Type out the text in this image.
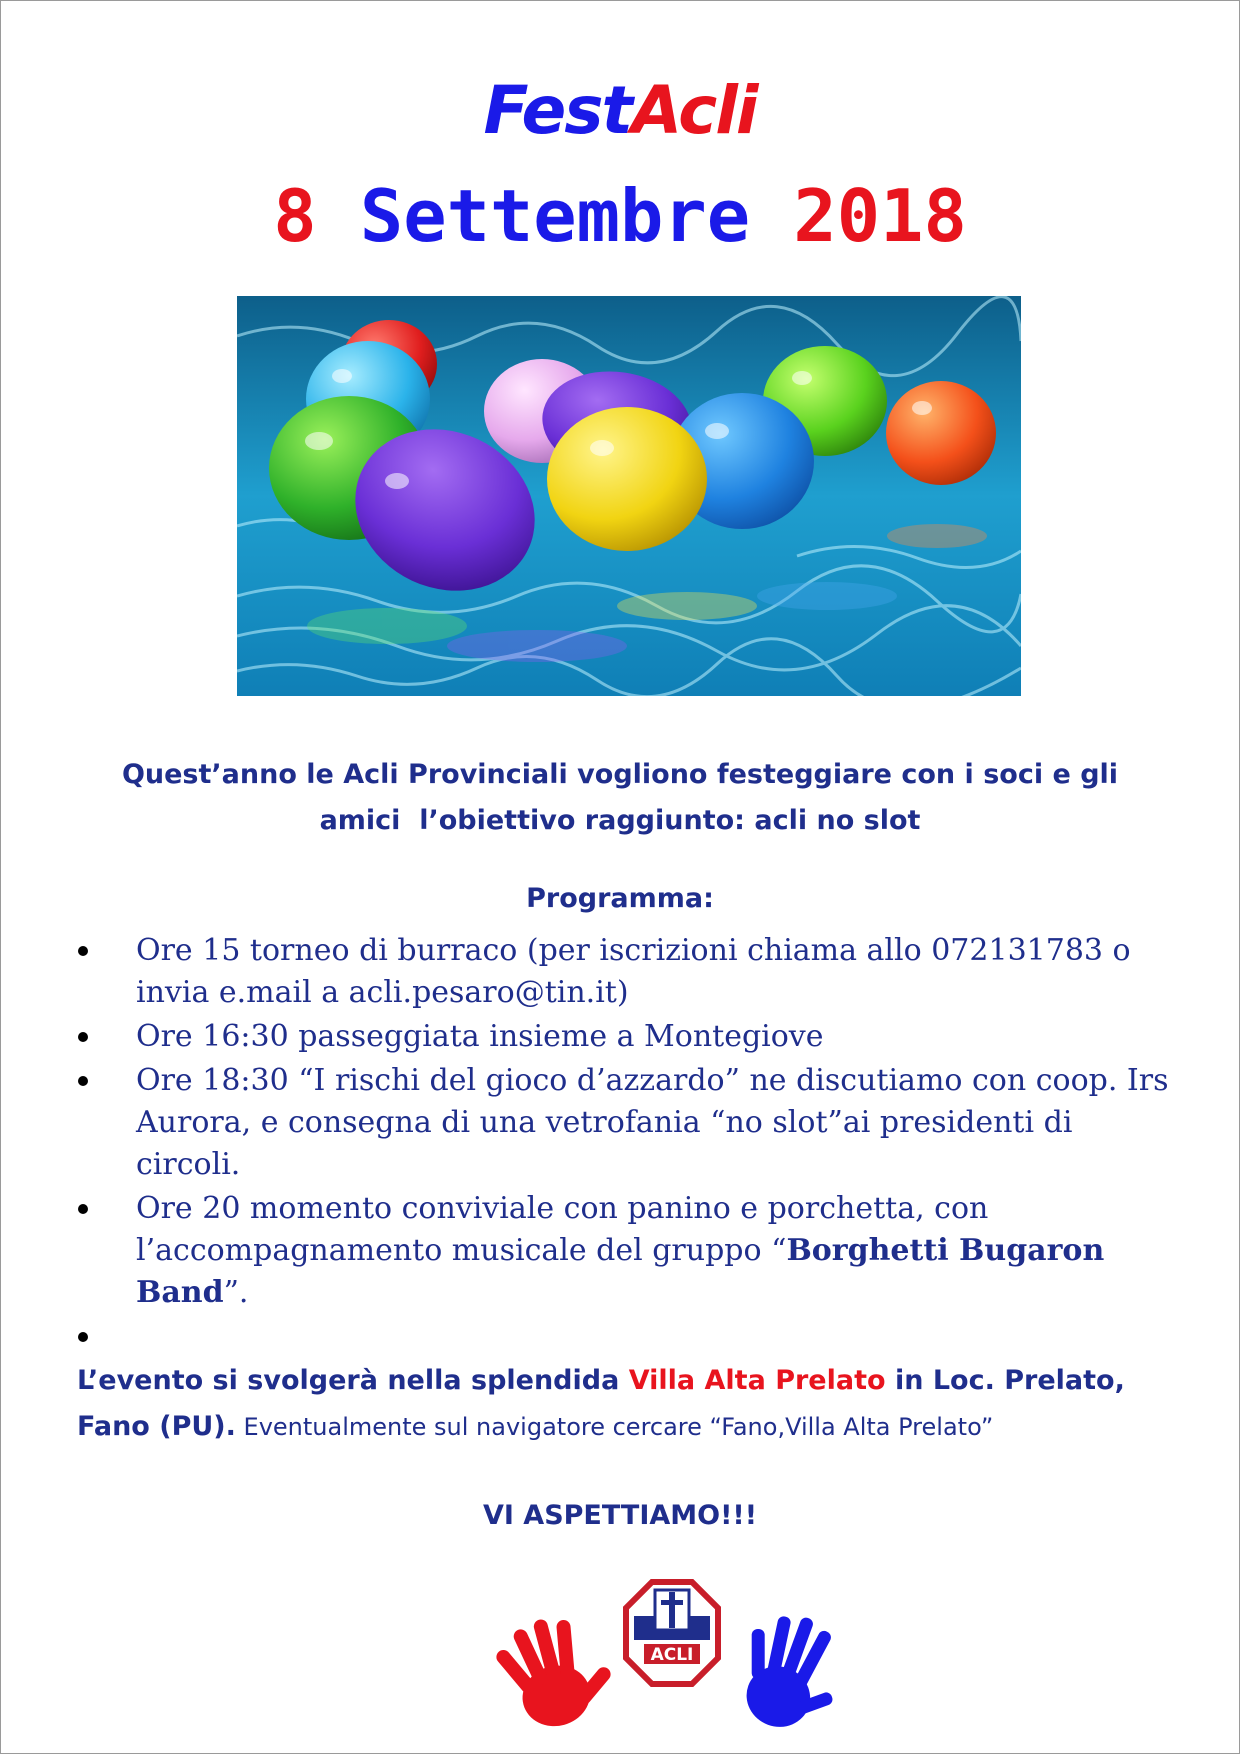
FestAcli
8 Settembre 2018
Quest’anno le Acli Provinciali vogliono festeggiare con i soci e gli
amici  l’obiettivo raggiunto: acli no slot
Programma:
Ore 15 torneo di burraco (per iscrizioni chiama allo 072131783 o invia e.mail a acli.pesaro@tin.it)
Ore 16:30 passeggiata insieme a Montegiove
Ore 18:30 “I rischi del gioco d’azzardo” ne discutiamo con coop. Irs Aurora, e consegna di una vetrofania “no slot”ai presidenti di circoli.
Ore 20 momento conviviale con panino e porchetta, con l’accompagnamento musicale del gruppo “Borghetti Bugaron Band”.
L’evento si svolgerà nella splendida Villa Alta Prelato in Loc. Prelato, Fano (PU). Eventualmente sul navigatore cercare “Fano,Villa Alta Prelato”
VI ASPETTIAMO!!!
ACLI
